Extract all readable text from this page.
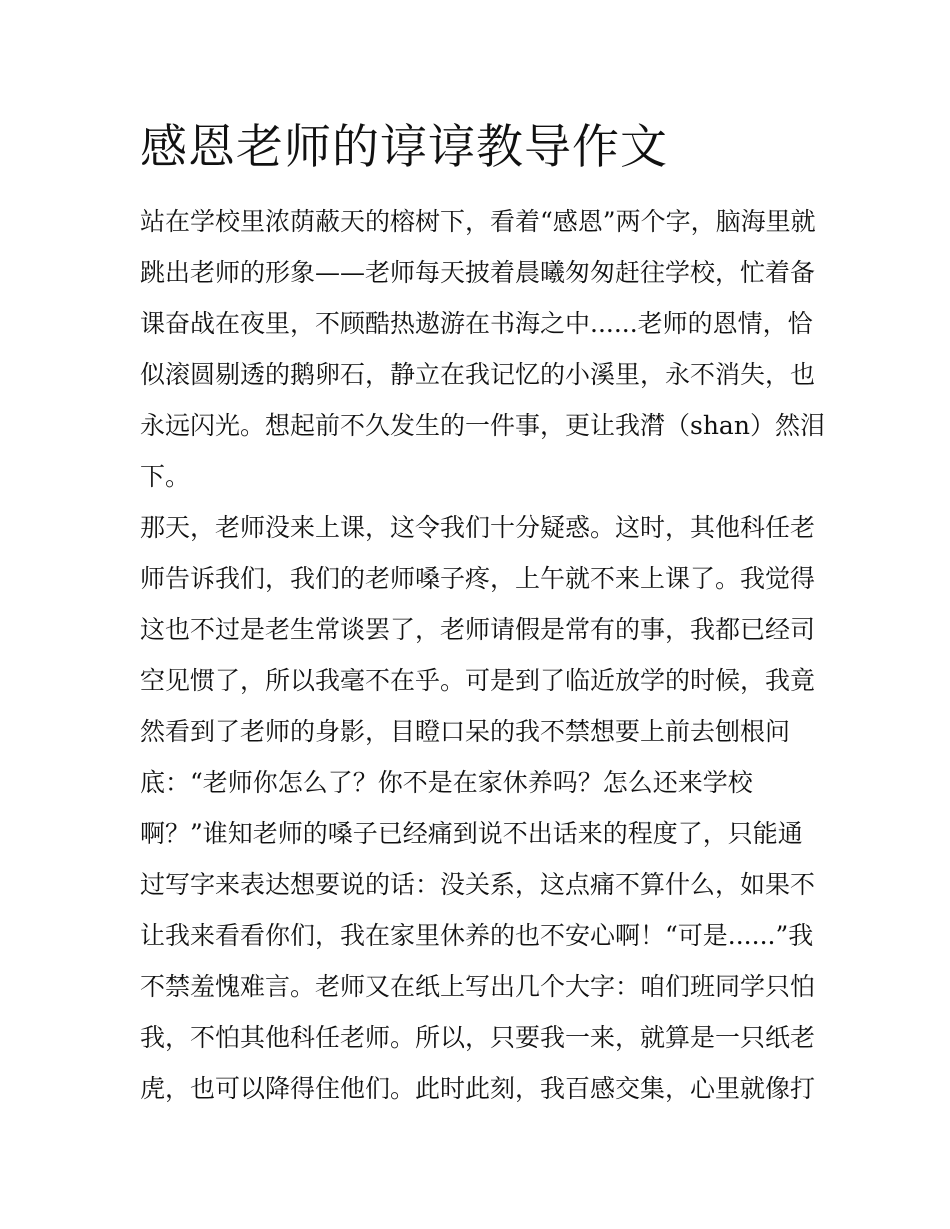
感恩老师的谆谆教导作文

站在学校里浓荫蔽天的榕树下，看着“感恩”两个字，脑海里就

跳出老师的形象——老师每天披着晨曦匆匆赶往学校，忙着备

课奋战在夜里，不顾酷热遨游在书海之中......老师的恩情，恰

似滚圆剔透的鹅卵石，静立在我记忆的小溪里，永不消失，也

永远闪光。想起前不久发生的一件事，更让我潸（shan）然泪

下。

那天，老师没来上课，这令我们十分疑惑。这时，其他科任老

师告诉我们，我们的老师嗓子疼，上午就不来上课了。我觉得

这也不过是老生常谈罢了，老师请假是常有的事，我都已经司

空见惯了，所以我毫不在乎。可是到了临近放学的时候，我竟

然看到了老师的身影，目瞪口呆的我不禁想要上前去刨根问

底：“老师你怎么了？你不是在家休养吗？怎么还来学校

啊？”谁知老师的嗓子已经痛到说不出话来的程度了，只能通

过写字来表达想要说的话：没关系，这点痛不算什么，如果不

让我来看看你们，我在家里休养的也不安心啊！“可是......”我

不禁羞愧难言。老师又在纸上写出几个大字：咱们班同学只怕

我，不怕其他科任老师。所以，只要我一来，就算是一只纸老

虎，也可以降得住他们。此时此刻，我百感交集，心里就像打
